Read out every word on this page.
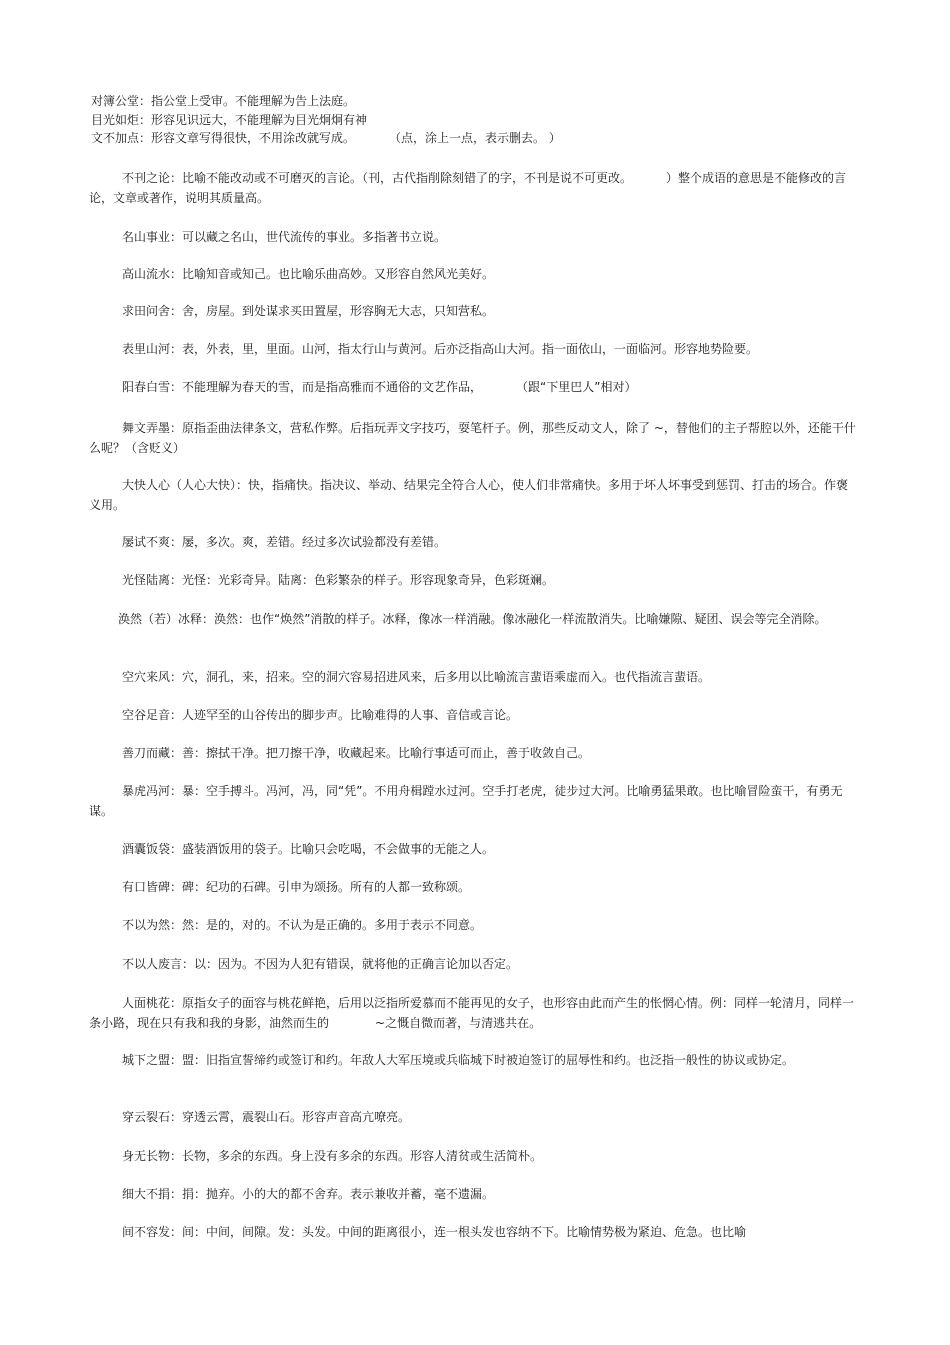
对簿公堂：指公堂上受审。不能理解为告上法庭。

目光如炬：形容见识远大，不能理解为目光炯炯有神

文不加点：形容文章写得很快，不用涂改就写成。	（点，涂上一点，表示删去。 ）

不刊之论：比喻不能改动或不可磨灭的言论。（刊，古代指削除刻错了的字，不刊是说不可更改。	）整个成语的意思是不能修改的言论，文章或著作，说明其质量高。

名山事业：可以藏之名山，世代流传的事业。多指著书立说。

高山流水：比喻知音或知己。也比喻乐曲高妙。又形容自然风光美好。

求田问舍：舍，房屋。到处谋求买田置屋，形容胸无大志，只知营私。

表里山河：表，外表，里，里面。山河，指太行山与黄河。后亦泛指高山大河。指一面依山，一面临河。形容地势险要。

阳春白雪：不能理解为春天的雪，而是指高雅而不通俗的文艺作品，	（跟“下里巴人”相对）

舞文弄墨：原指歪曲法律条文，营私作弊。后指玩弄文字技巧，耍笔杆子。例，那些反动文人，除了 ~，替他们的主子帮腔以外，还能干什么呢？（含贬义）

大快人心（人心大快）：快，指痛快。指决议、举动、结果完全符合人心，使人们非常痛快。多用于坏人坏事受到惩罚、打击的场合。作褒义用。

屡试不爽：屡，多次。爽，差错。经过多次试验都没有差错。

光怪陆离：光怪：光彩奇异。陆离：色彩繁杂的样子。形容现象奇异，色彩斑斓。

涣然（若）冰释：涣然：也作“焕然”消散的样子。冰释，像冰一样消融。像冰融化一样流散消失。比喻嫌隙、疑团、误会等完全消除。

空穴来风：穴，洞孔，来，招来。空的洞穴容易招进风来，后多用以比喻流言蜚语乘虚而入。也代指流言蜚语。

空谷足音：人迹罕至的山谷传出的脚步声。比喻难得的人事、音信或言论。

善刀而藏：善：擦拭干净。把刀擦干净，收藏起来。比喻行事适可而止，善于收敛自己。

暴虎冯河：暴：空手搏斗。冯河，冯，同“凭”。不用舟楫蹚水过河。空手打老虎，徒步过大河。比喻勇猛果敢。也比喻冒险蛮干，有勇无谋。

酒囊饭袋：盛装酒饭用的袋子。比喻只会吃喝，不会做事的无能之人。

有口皆碑：碑：纪功的石碑。引申为颂扬。所有的人都一致称颂。

不以为然：然：是的，对的。不认为是正确的。多用于表示不同意。

不以人废言：以：因为。不因为人犯有错误，就将他的正确言论加以否定。

人面桃花：原指女子的面容与桃花鲜艳，后用以泛指所爱慕而不能再见的女子，也形容由此而产生的怅惘心情。例：同样一轮清月，同样一条小路，现在只有我和我的身影，油然而生的	~之慨自微而著，与清逃共在。

城下之盟：盟：旧指宣誓缔约或签订和约。年敌人大军压境或兵临城下时被迫签订的屈辱性和约。也泛指一般性的协议或协定。

穿云裂石：穿透云霄，震裂山石。形容声音高亢嘹亮。

身无长物：长物，多余的东西。身上没有多余的东西。形容人清贫或生活简朴。

细大不捐：捐：抛弃。小的大的都不舍弃。表示兼收并蓄，毫不遗漏。

间不容发：间：中间，间隙。发：头发。中间的距离很小，连一根头发也容纳不下。比喻情势极为紧迫、危急。也比喻
